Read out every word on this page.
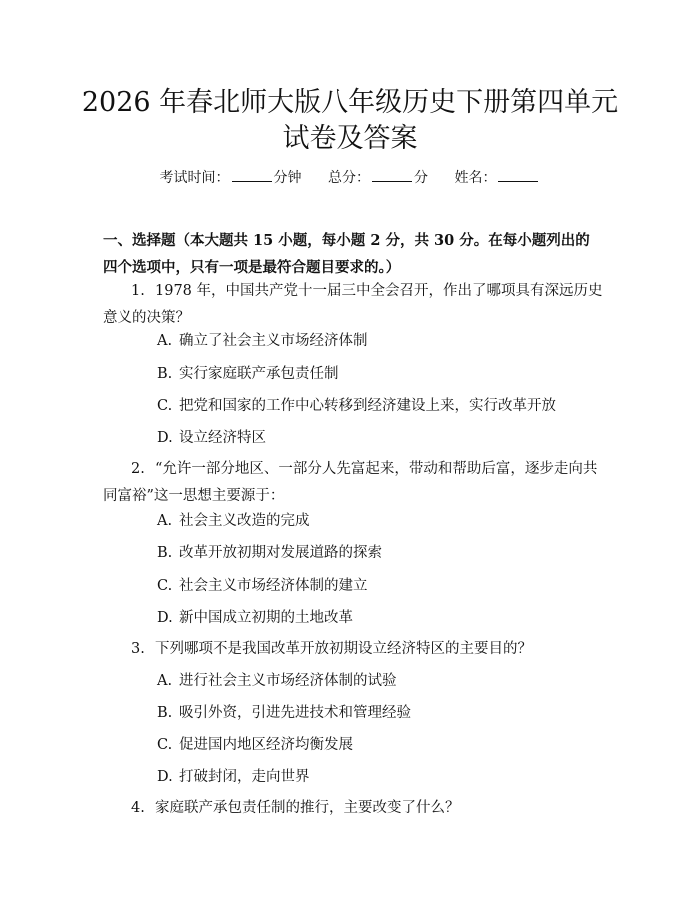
2026 年春北师大版八年级历史下册第四单元
试卷及答案
考试时间：	分钟 总分：	分 姓名：

一、选择题（本大题共 15 小题，每小题 2 分，共 30 分。在每小题列出的四个选项中，只有一项是最符合题目要求的。）

1. 1978 年，中国共产党十一届三中全会召开，作出了哪项具有深远历史意义的决策？

A. 确立了社会主义市场经济体制
B. 实行家庭联产承包责任制
C. 把党和国家的工作中心转移到经济建设上来，实行改革开放
D. 设立经济特区

2. “允许一部分地区、一部分人先富起来，带动和帮助后富，逐步走向共同富裕”这一思想主要源于：

A. 社会主义改造的完成
B. 改革开放初期对发展道路的探索
C. 社会主义市场经济体制的建立
D. 新中国成立初期的土地改革

3. 下列哪项不是我国改革开放初期设立经济特区的主要目的？

A. 进行社会主义市场经济体制的试验
B. 吸引外资，引进先进技术和管理经验
C. 促进国内地区经济均衡发展
D. 打破封闭，走向世界

4. 家庭联产承包责任制的推行，主要改变了什么？
